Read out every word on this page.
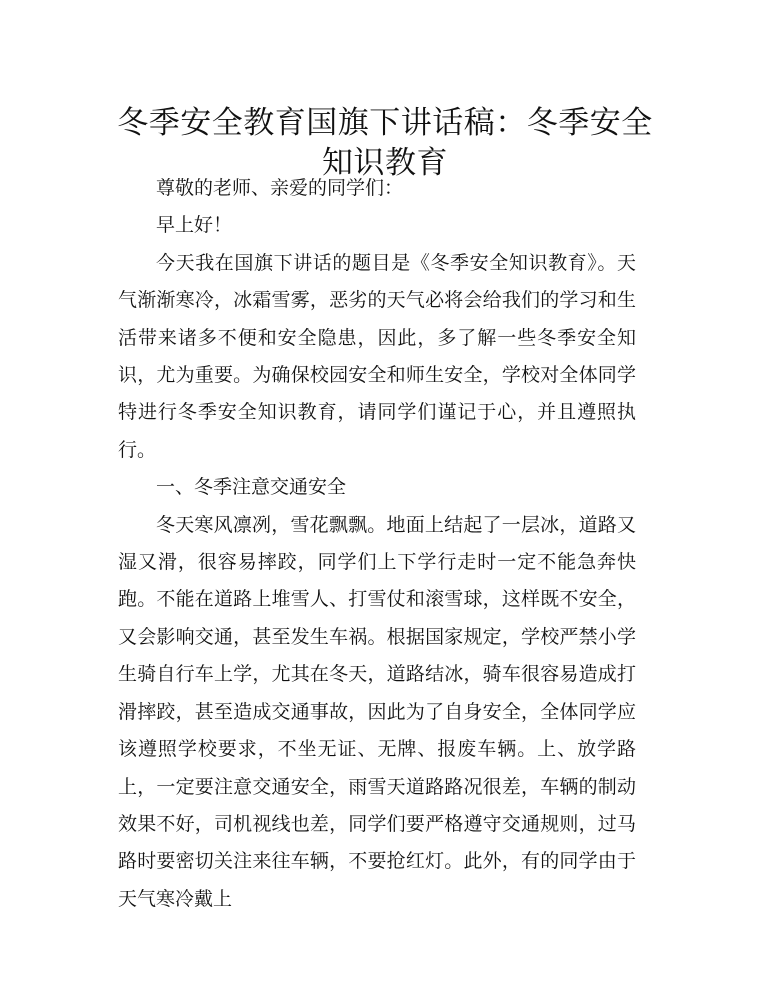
冬季安全教育国旗下讲话稿：冬季安全知识教育

尊敬的老师、亲爱的同学们：

早上好！

今天我在国旗下讲话的题目是《冬季安全知识教育》。天气渐渐寒冷，冰霜雪雾，恶劣的天气必将会给我们的学习和生活带来诸多不便和安全隐患，因此，多了解一些冬季安全知识，尤为重要。为确保校园安全和师生安全，学校对全体同学特进行冬季安全知识教育，请同学们谨记于心，并且遵照执行。

一、冬季注意交通安全

冬天寒风凛冽，雪花飘飘。地面上结起了一层冰，道路又湿又滑，很容易摔跤，同学们上下学行走时一定不能急奔快跑。不能在道路上堆雪人、打雪仗和滚雪球，这样既不安全，又会影响交通，甚至发生车祸。根据国家规定，学校严禁小学生骑自行车上学，尤其在冬天，道路结冰，骑车很容易造成打滑摔跤，甚至造成交通事故，因此为了自身安全，全体同学应该遵照学校要求，不坐无证、无牌、报废车辆。上、放学路上，一定要注意交通安全，雨雪天道路路况很差，车辆的制动效果不好，司机视线也差，同学们要严格遵守交通规则，过马路时要密切关注来往车辆，不要抢红灯。此外，有的同学由于天气寒冷戴上
